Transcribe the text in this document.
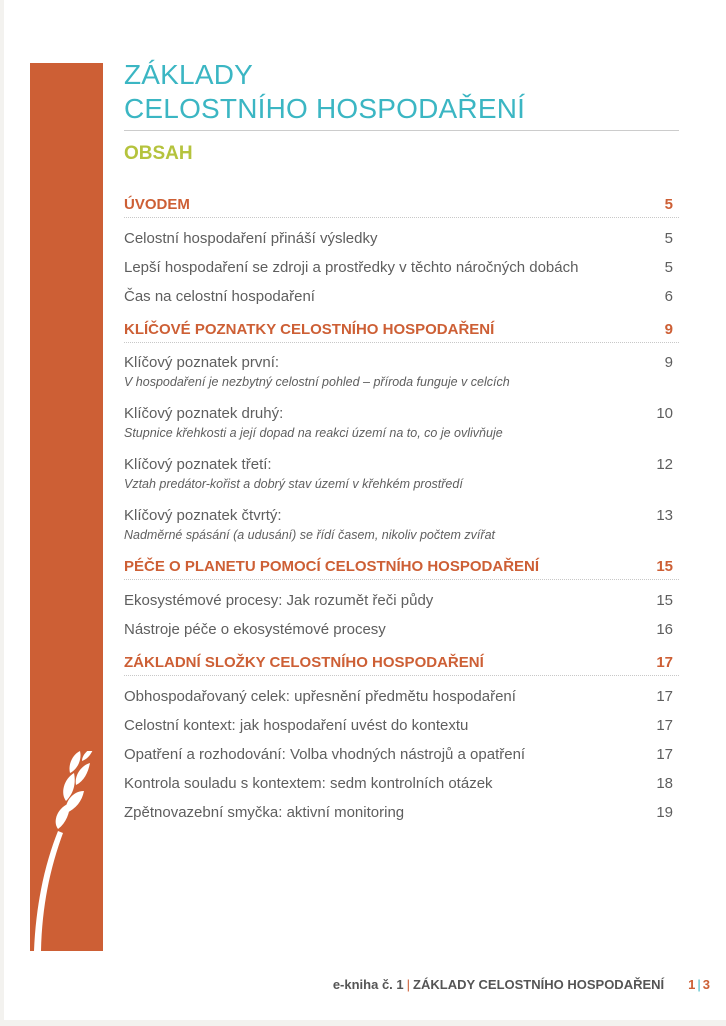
ZÁKLADY
CELOSTNÍHO HOSPODAŘENÍ
OBSAH
ÚVODEM	5
Celostní hospodaření přináší výsledky	5
Lepší hospodaření se zdroji a prostředky v těchto náročných dobách	5
Čas na celostní hospodaření	6
KLÍČOVÉ POZNATKY CELOSTNÍHO HOSPODAŘENÍ	9
Klíčový poznatek první:	9
V hospodaření je nezbytný celostní pohled – příroda funguje v celcích
Klíčový poznatek druhý:	10
Stupnice křehkosti a její dopad na reakci území na to, co je ovlivňuje
Klíčový poznatek třetí:	12
Vztah predátor-kořist a dobrý stav území v křehkém prostředí
Klíčový poznatek čtvrtý:	13
Nadměrné spásání (a udusání) se řídí časem, nikoliv počtem zvířat
PÉČE O PLANETU POMOCÍ CELOSTNÍHO HOSPODAŘENÍ	15
Ekosystémové procesy: Jak rozumět řeči půdy	15
Nástroje péče o ekosystémové procesy	16
ZÁKLADNÍ SLOŽKY CELOSTNÍHO HOSPODAŘENÍ	17
Obhospodařovaný celek: upřesnění předmětu hospodaření	17
Celostní kontext: jak hospodaření uvést do kontextu	17
Opatření a rozhodování: Volba vhodných nástrojů a opatření	17
Kontrola souladu s kontextem: sedm kontrolních otázek	18
Zpětnovazební smyčka: aktivní monitoring	19
e-kniha č. 1 | ZÁKLADY CELOSTNÍHO HOSPODAŘENÍ 1 | 3
